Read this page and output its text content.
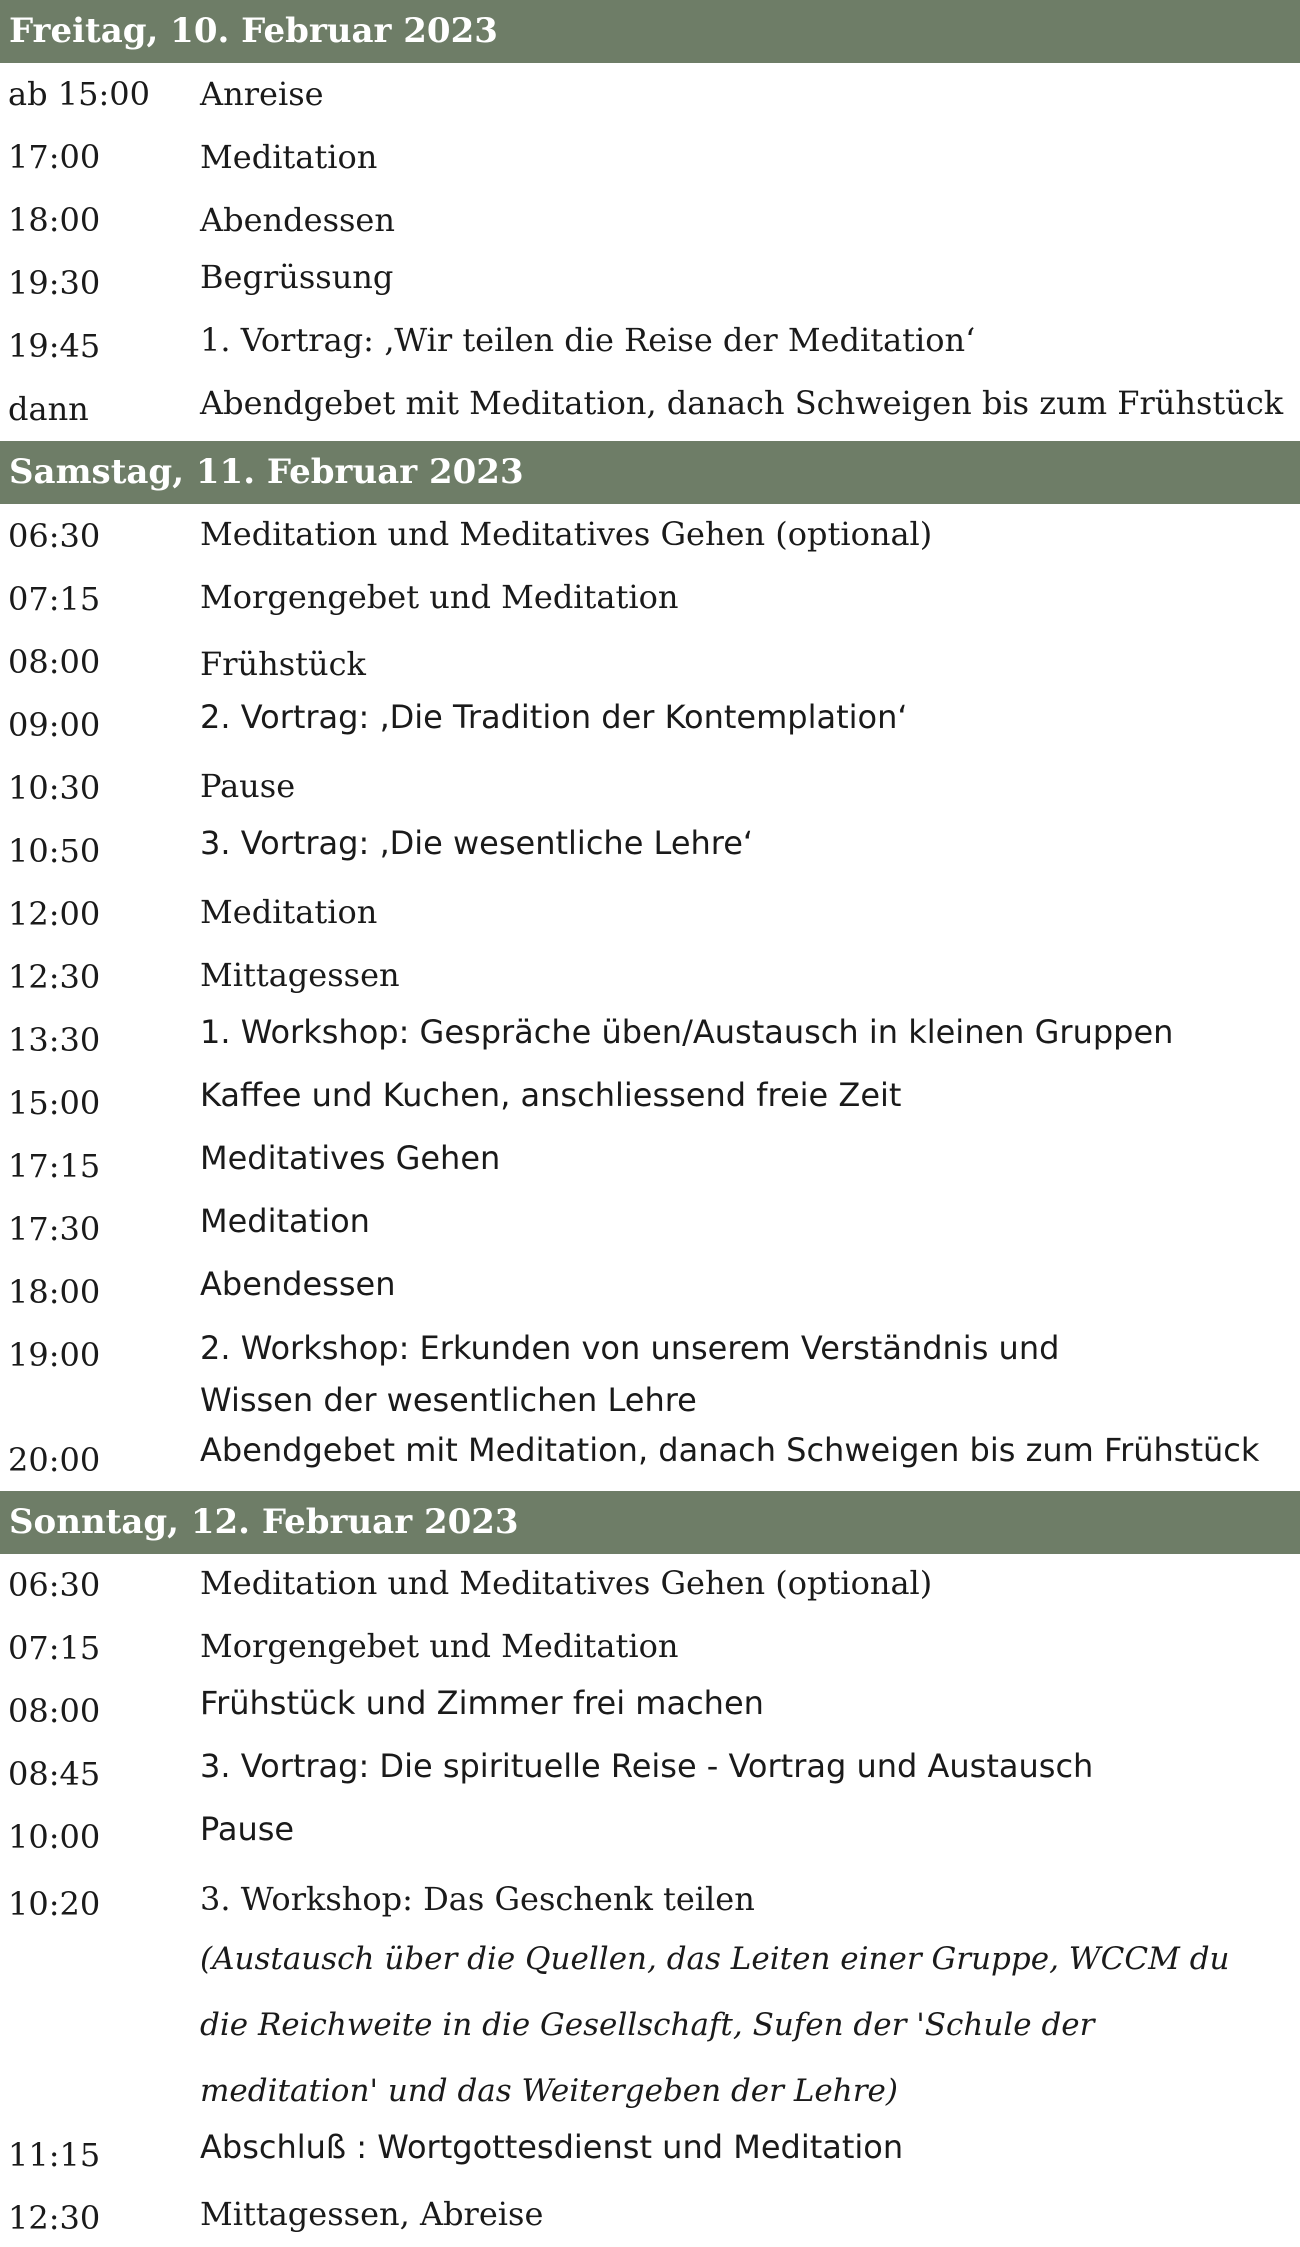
Freitag, 10. Februar 2023
ab 15:00 Anreise
17:00	Meditation
18:00	Abendessen
19:30	Begrüssung
19:45	1. Vortrag: ‚Wir teilen die Reise der Meditation‘
dann	Abendgebet mit Meditation, danach Schweigen bis zum Frühstück
Samstag, 11. Februar 2023
06:30	Meditation und Meditatives Gehen (optional)
07:15	Morgengebet und Meditation
08:00	Frühstück
09:00	2. Vortrag: ‚Die Tradition der Kontemplation‘
10:30	Pause
10:50	3. Vortrag: ‚Die wesentliche Lehre‘
12:00	Meditation
12:30	Mittagessen
13:30	1. Workshop: Gespräche üben/Austausch in kleinen Gruppen
15:00	Kaffee und Kuchen, anschliessend freie Zeit
17:15	Meditatives Gehen
17:30	Meditation
18:00	Abendessen
19:00	2. Workshop: Erkunden von unserem Verständnis und Wissen der wesentlichen Lehre
20:00	Abendgebet mit Meditation, danach Schweigen bis zum Frühstück
Sonntag, 12. Februar 2023
06:30	Meditation und Meditatives Gehen (optional)
07:15	Morgengebet und Meditation
08:00	Frühstück und Zimmer frei machen
08:45	3. Vortrag: Die spirituelle Reise - Vortrag und Austausch
10:00	Pause
10:20	3. Workshop: Das Geschenk teilen
(Austausch über die Quellen, das Leiten einer Gruppe, WCCM du die Reichweite in die Gesellschaft, Sufen der 'Schule der meditation' und das Weitergeben der Lehre)
11:15	Abschluß : Wortgottesdienst und Meditation
12:30	Mittagessen, Abreise
